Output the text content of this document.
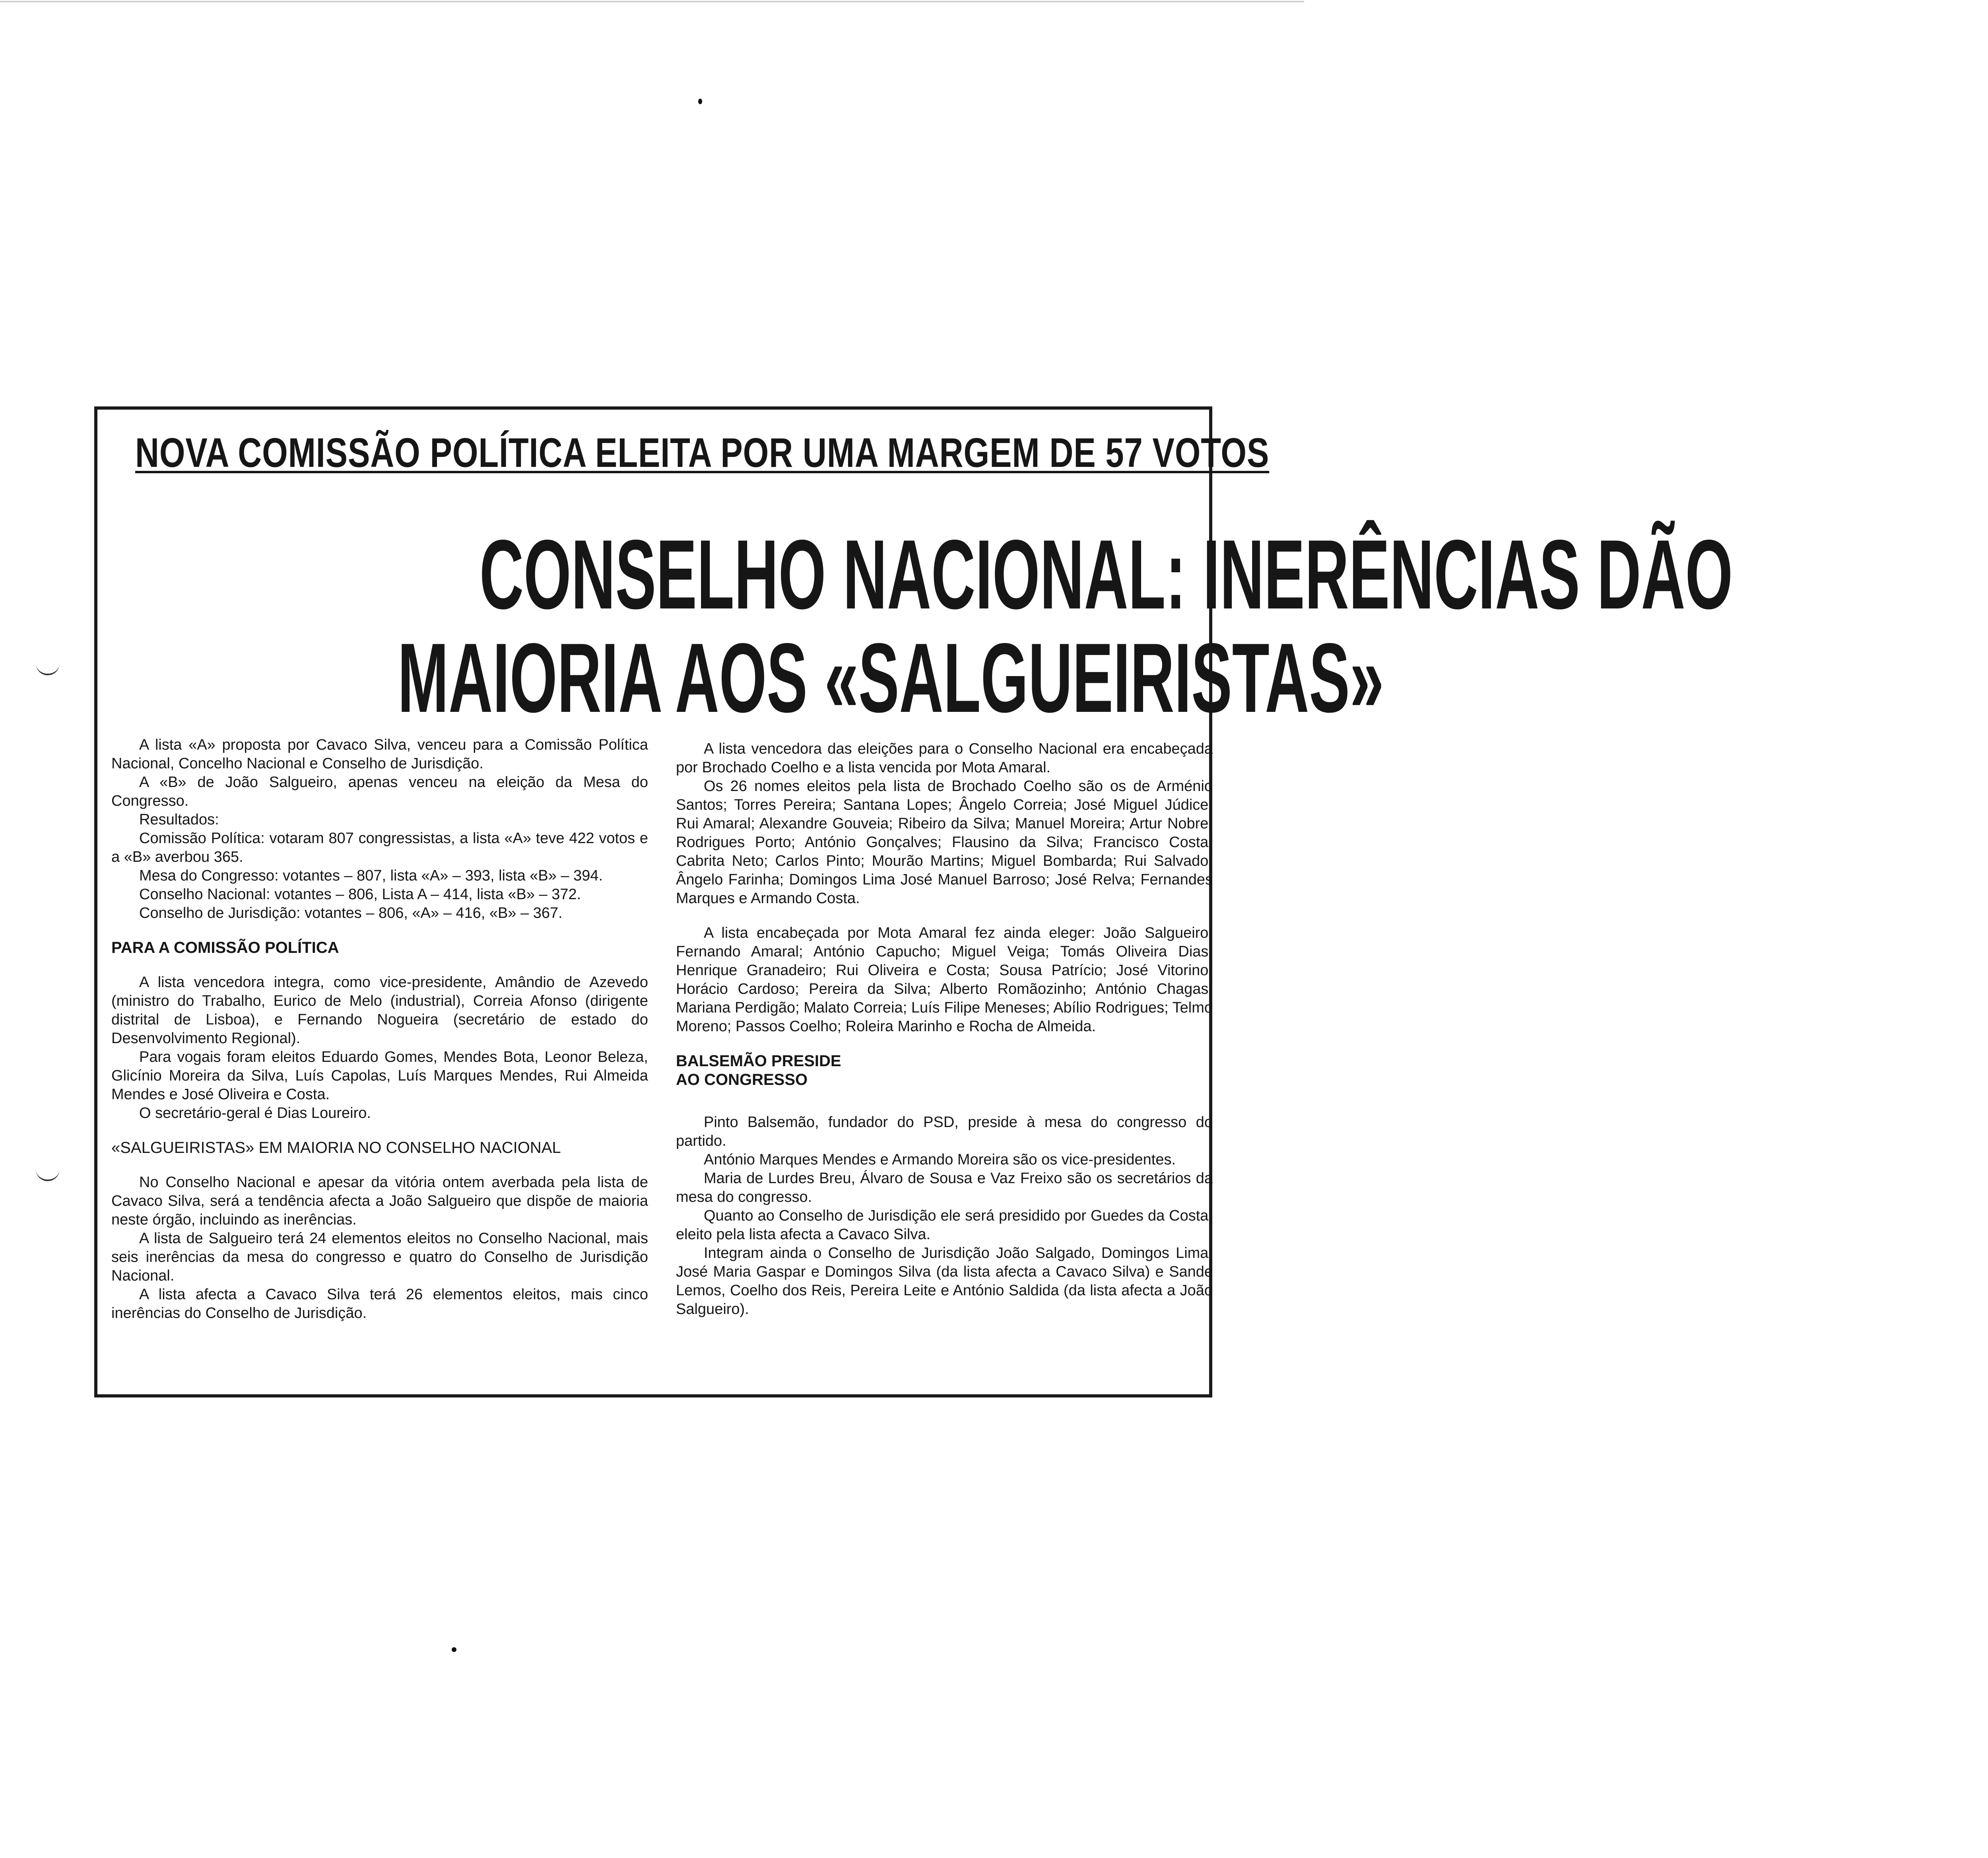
NOVA COMISSÃO POLÍTICA ELEITA POR UMA MARGEM DE 57 VOTOS
CONSELHO NACIONAL: INERÊNCIAS DÃO
MAIORIA AOS «SALGUEIRISTAS»

A lista «A» proposta por Cavaco Silva, venceu para a Comissão Política Nacional, Concelho Nacional e Conselho de Jurisdição.

A «B» de João Salgueiro, apenas venceu na eleição da Mesa do Congresso.

Resultados:

Comissão Política: votaram 807 congressistas, a lista «A» teve 422 votos e a «B» averbou 365.

Mesa do Congresso: votantes – 807, lista «A» – 393, lista «B» – 394.

Conselho Nacional: votantes – 806, Lista A – 414, lista «B» – 372.

Conselho de Jurisdição: votantes – 806, «A» – 416, «B» – 367.

PARA A COMISSÃO POLÍTICA

A lista vencedora integra, como vice-presidente, Amândio de Azevedo (ministro do Trabalho, Eurico de Melo (industrial), Correia Afonso (dirigente distrital de Lisboa), e Fernando Nogueira (secretário de estado do Desenvolvimento Regional).

Para vogais foram eleitos Eduardo Gomes, Mendes Bota, Leonor Beleza, Glicínio Moreira da Silva, Luís Capolas, Luís Marques Mendes, Rui Almeida Mendes e José Oliveira e Costa.

O secretário-geral é Dias Loureiro.

«SALGUEIRISTAS» EM MAIORIA NO CONSELHO NACIONAL

No Conselho Nacional e apesar da vitória ontem averbada pela lista de Cavaco Silva, será a tendência afecta a João Salgueiro que dispõe de maioria neste órgão, incluindo as inerências.

A lista de Salgueiro terá 24 elementos eleitos no Conselho Nacional, mais seis inerências da mesa do congresso e quatro do Conselho de Jurisdição Nacional.

A lista afecta a Cavaco Silva terá 26 elementos eleitos, mais cinco inerências do Conselho de Jurisdição.

A lista vencedora das eleições para o Conselho Nacional era encabeçada por Brochado Coelho e a lista vencida por Mota Amaral.

Os 26 nomes eleitos pela lista de Brochado Coelho são os de Arménio Santos; Torres Pereira; Santana Lopes; Ângelo Correia; José Miguel Júdice; Rui Amaral; Alexandre Gouveia; Ribeiro da Silva; Manuel Moreira; Artur Nobre; Rodrigues Porto; António Gonçalves; Flausino da Silva; Francisco Costa; Cabrita Neto; Carlos Pinto; Mourão Martins; Miguel Bombarda; Rui Salvado; Ângelo Farinha; Domingos Lima José Manuel Barroso; José Relva; Fernandes Marques e Armando Costa.

A lista encabeçada por Mota Amaral fez ainda eleger: João Salgueiro; Fernando Amaral; António Capucho; Miguel Veiga; Tomás Oliveira Dias; Henrique Granadeiro; Rui Oliveira e Costa; Sousa Patrício; José Vitorino; Horácio Cardoso; Pereira da Silva; Alberto Romãozinho; António Chagas; Mariana Perdigão; Malato Correia; Luís Filipe Meneses; Abílio Rodrigues; Telmo Moreno; Passos Coelho; Roleira Marinho e Rocha de Almeida.

BALSEMÃO PRESIDE

AO CONGRESSO

Pinto Balsemão, fundador do PSD, preside à mesa do congresso do partido.

António Marques Mendes e Armando Moreira são os vice-presidentes.

Maria de Lurdes Breu, Álvaro de Sousa e Vaz Freixo são os secretários da mesa do congresso.

Quanto ao Conselho de Jurisdição ele será presidido por Guedes da Costa, eleito pela lista afecta a Cavaco Silva.

Integram ainda o Conselho de Jurisdição João Salgado, Domingos Lima, José Maria Gaspar e Domingos Silva (da lista afecta a Cavaco Silva) e Sande Lemos, Coelho dos Reis, Pereira Leite e António Saldida (da lista afecta a João Salgueiro).
